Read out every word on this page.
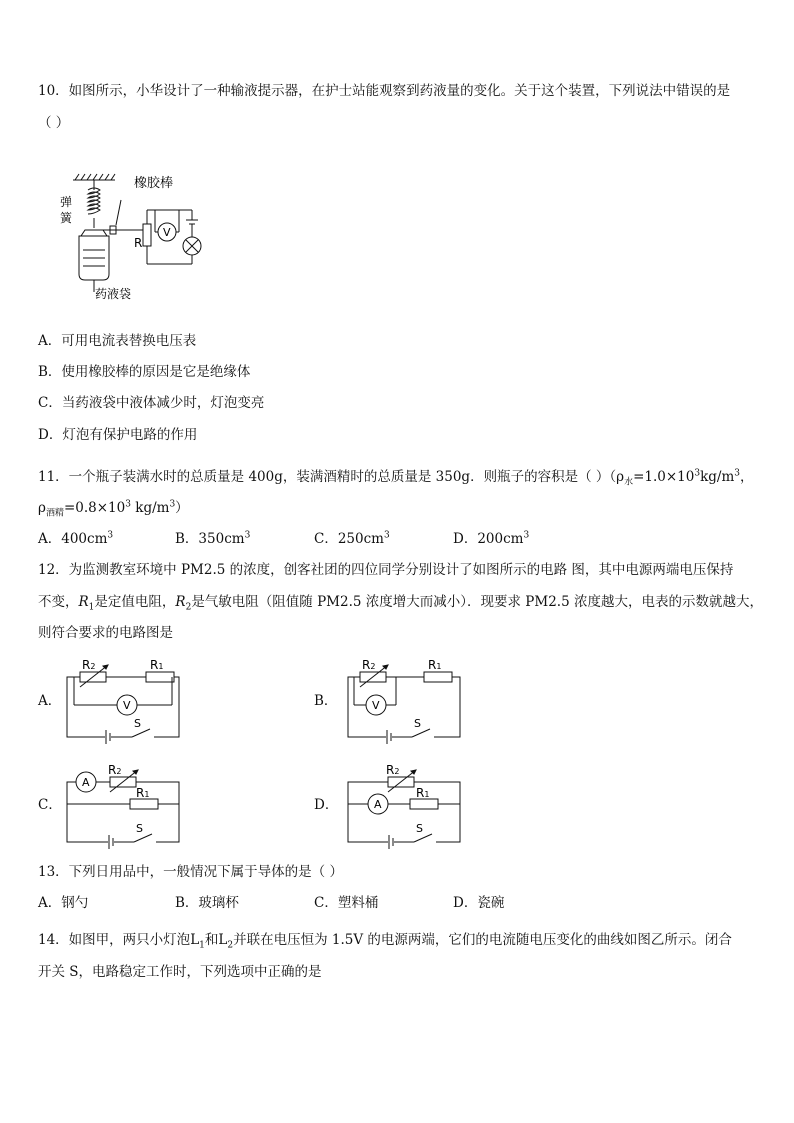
10．如图所示，小华设计了一种输液提示器，在护士站能观察到药液量的变化。关于这个装置，下列说法中错误的是
（ ）
橡胶棒
弹
簧
R
V
药液袋
A．可用电流表替换电压表
B．使用橡胶棒的原因是它是绝缘体
C．当药液袋中液体减少时，灯泡变亮
D．灯泡有保护电路的作用
11．一个瓶子装满水时的总质量是 400g，装满酒精时的总质量是 350g．则瓶子的容积是（ ）（$\rho_水=1.0\times 10^3kg/m^3$，
$\rho_{酒精}=0.8\times 10^3$ $kg/m^3$）
A．$400cm^3$	B．$350cm^3$	C．$250cm^3$	D．$200cm^3$
12．为监测教室环境中 PM2.5 的浓度，创客社团的四位同学分别设计了如图所示的电路 图，其中电源两端电压保持
不变，$R_1$是定值电阻，$R_2$是气敏电阻（阻值随 PM2.5 浓度增大而减小）．现要求 PM2.5 浓度越大，电表的示数就越大，
则符合要求的电路图是
A．	B．
C．	D．
R2	R1
V
S
R2	R1
V
S
A
R2
R1
S
A
R2
R1
S
13．下列日用品中，一般情况下属于导体的是（ ）
A．钢勺	B．玻璃杯	C．塑料桶	D．瓷碗
14．如图甲，两只小灯泡$L_1$和$L_2$并联在电压恒为 1.5V 的电源两端，它们的电流随电压变化的曲线如图乙所示。闭合
开关 S，电路稳定工作时，下列选项中正确的是
